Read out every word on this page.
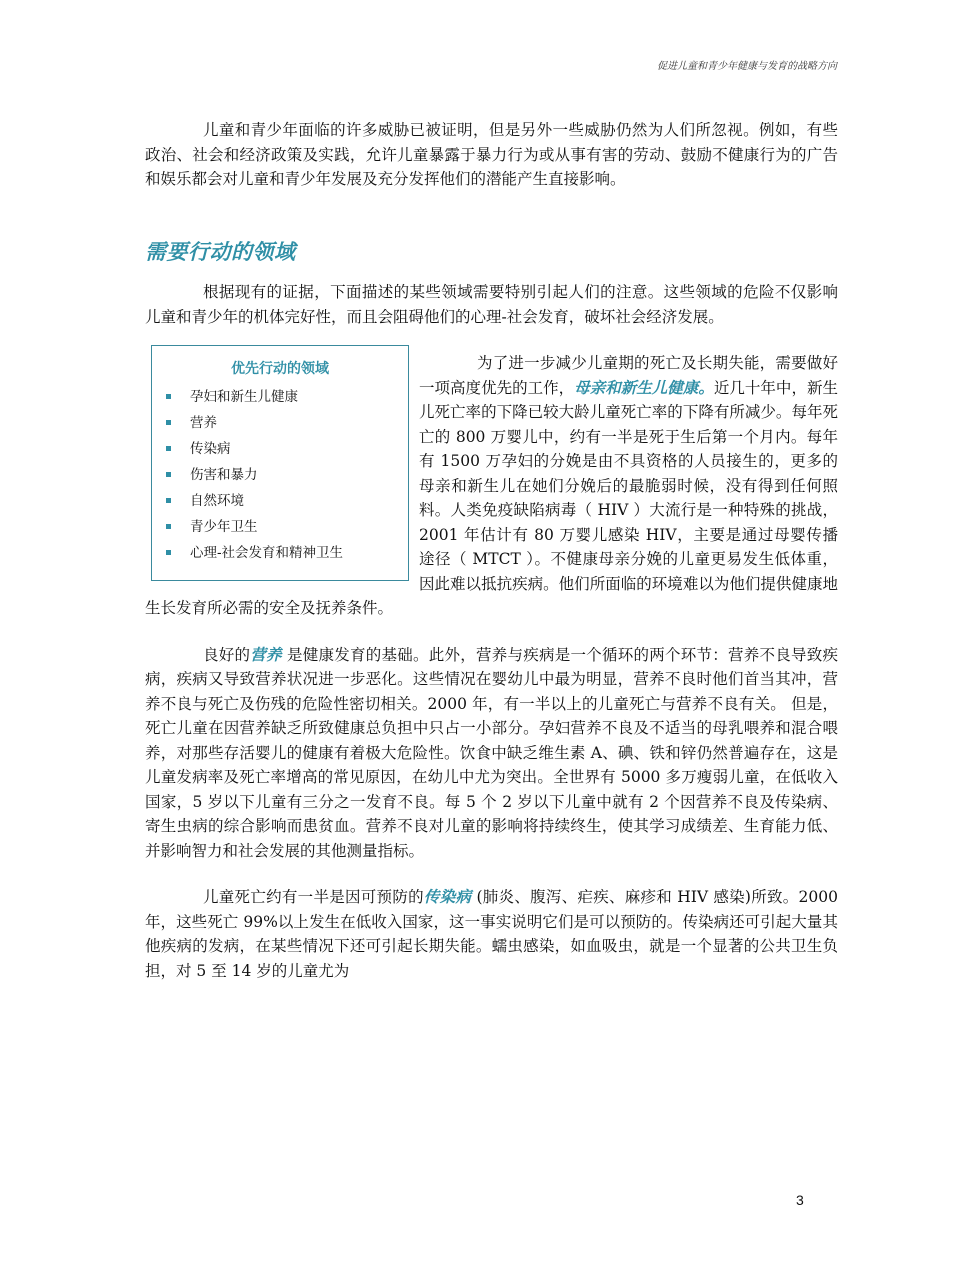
促进儿童和青少年健康与发育的战略方向

儿童和青少年面临的许多威胁已被证明，但是另外一些威胁仍然为人们所忽视。例如，有些政治、社会和经济政策及实践，允许儿童暴露于暴力行为或从事有害的劳动、鼓励不健康行为的广告和娱乐都会对儿童和青少年发展及充分发挥他们的潜能产生直接影响。

需要行动的领域

根据现有的证据，下面描述的某些领域需要特别引起人们的注意。这些领域的危险不仅影响儿童和青少年的机体完好性，而且会阻碍他们的心理-社会发育，破坏社会经济发展。

优先行动的领域
孕妇和新生儿健康
营养
传染病
伤害和暴力
自然环境
青少年卫生
心理-社会发育和精神卫生

为了进一步减少儿童期的死亡及长期失能，需要做好一项高度优先的工作，母亲和新生儿健康。近几十年中，新生儿死亡率的下降已较大龄儿童死亡率的下降有所减少。每年死亡的 800 万婴儿中，约有一半是死于生后第一个月内。每年有 1500 万孕妇的分娩是由不具资格的人员接生的，更多的母亲和新生儿在她们分娩后的最脆弱时候，没有得到任何照料。人类免疫缺陷病毒（ HIV ）大流行是一种特殊的挑战，2001 年估计有 80 万婴儿感染 HIV，主要是通过母婴传播途径（ MTCT ）。不健康母亲分娩的儿童更易发生低体重，因此难以抵抗疾病。他们所面临的环境难以为他们提供健康地生长发育所必需的安全及抚养条件。

良好的营养 是健康发育的基础。此外，营养与疾病是一个循环的两个环节：营养不良导致疾病，疾病又导致营养状况进一步恶化。这些情况在婴幼儿中最为明显，营养不良时他们首当其冲，营养不良与死亡及伤残的危险性密切相关。2000 年，有一半以上的儿童死亡与营养不良有关。 但是，死亡儿童在因营养缺乏所致健康总负担中只占一小部分。孕妇营养不良及不适当的母乳喂养和混合喂养，对那些存活婴儿的健康有着极大危险性。饮食中缺乏维生素 A、碘、铁和锌仍然普遍存在，这是儿童发病率及死亡率增高的常见原因，在幼儿中尤为突出。全世界有 5000 多万瘦弱儿童，在低收入国家，5 岁以下儿童有三分之一发育不良。每 5 个 2 岁以下儿童中就有 2 个因营养不良及传染病、寄生虫病的综合影响而患贫血。营养不良对儿童的影响将持续终生，使其学习成绩差、生育能力低、并影响智力和社会发展的其他测量指标。

儿童死亡约有一半是因可预防的传染病 (肺炎、腹泻、疟疾、麻疹和 HIV 感染)所致。2000 年，这些死亡 99%以上发生在低收入国家，这一事实说明它们是可以预防的。传染病还可引起大量其他疾病的发病，在某些情况下还可引起长期失能。蠕虫感染，如血吸虫，就是一个显著的公共卫生负担，对 5 至 14 岁的儿童尤为

3
